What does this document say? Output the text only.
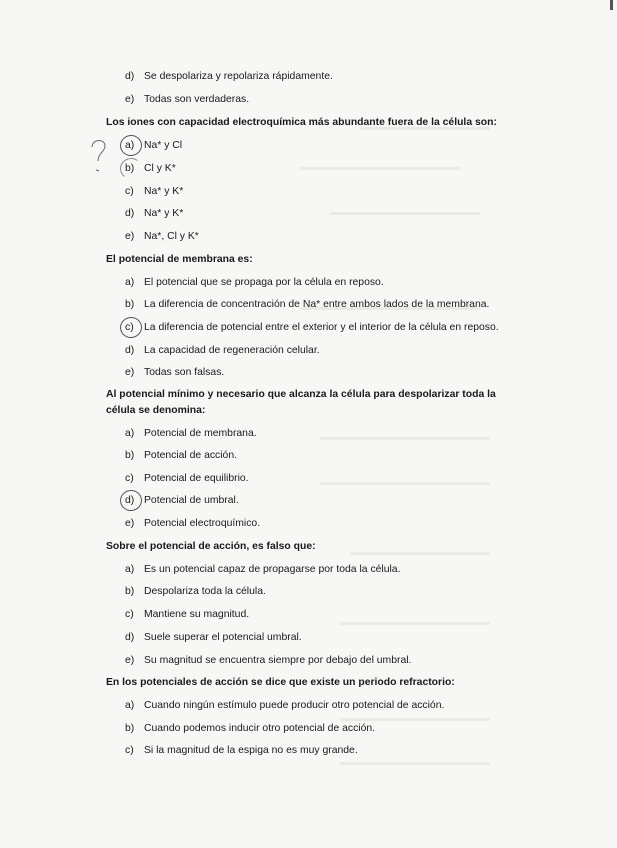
d) Se despolariza y repolariza rápidamente.
e) Todas son verdaderas.
Los iones con capacidad electroquímica más abundante fuera de la célula son:
a) Na* y Cl
b) Cl y K*
c) Na* y K*
d) Na* y K*
e) Na*, Cl y K*
El potencial de membrana es:
a) El potencial que se propaga por la célula en reposo.
b) La diferencia de concentración de Na* entre ambos lados de la membrana.
c) La diferencia de potencial entre el exterior y el interior de la célula en reposo.
d) La capacidad de regeneración celular.
e) Todas son falsas.
Al potencial mínimo y necesario que alcanza la célula para despolarizar toda la célula se denomina:
a) Potencial de membrana.
b) Potencial de acción.
c) Potencial de equilibrio.
d) Potencial de umbral.
e) Potencial electroquímico.
Sobre el potencial de acción, es falso que:
a) Es un potencial capaz de propagarse por toda la célula.
b) Despolariza toda la célula.
c) Mantiene su magnitud.
d) Suele superar el potencial umbral.
e) Su magnitud se encuentra siempre por debajo del umbral.
En los potenciales de acción se dice que existe un periodo refractorio:
a) Cuando ningún estímulo puede producir otro potencial de acción.
b) Cuando podemos inducir otro potencial de acción.
c) Si la magnitud de la espiga no es muy grande.
